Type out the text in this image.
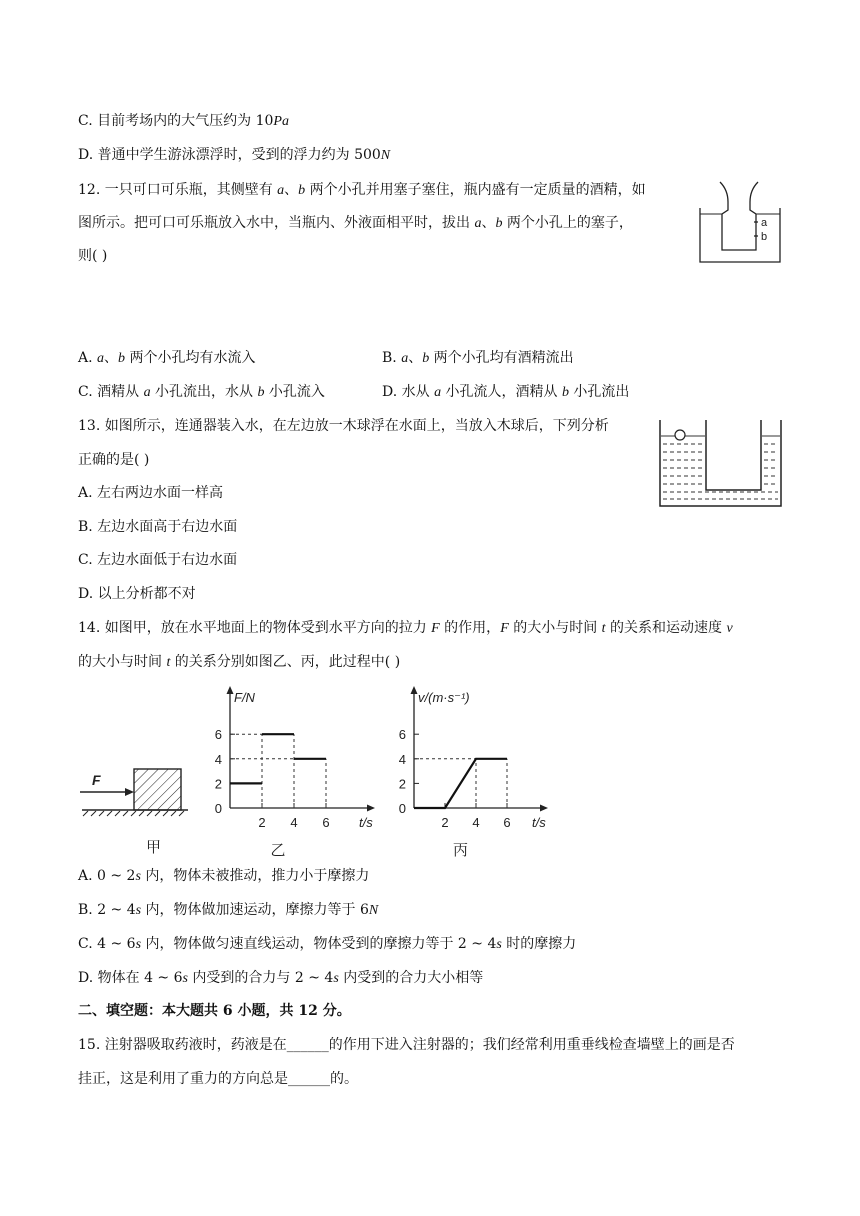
C. 目前考场内的大气压约为 10Pa
D. 普通中学生游泳漂浮时，受到的浮力约为 500N
12. 一只可口可乐瓶，其侧壁有 a、b 两个小孔并用塞子塞住，瓶内盛有一定质量的酒精，如
图所示。把可口可乐瓶放入水中，当瓶内、外液面相平时，拔出 a、b 两个小孔上的塞子，
则( )
a
b
A. a、b 两个小孔均有水流入	B. a、b 两个小孔均有酒精流出
C. 酒精从 a 小孔流出，水从 b 小孔流入	D. 水从 a 小孔流人，酒精从 b 小孔流出
13. 如图所示，连通器装入水，在左边放一木球浮在水面上，当放入木球后，下列分析
正确的是( )
A. 左右两边水面一样高
B. 左边水面高于右边水面
C. 左边水面低于右边水面
D. 以上分析都不对
14. 如图甲，放在水平地面上的物体受到水平方向的拉力 F 的作用，F 的大小与时间 t 的关系和运动速度 v
的大小与时间 t 的关系分别如图乙、丙，此过程中( )
F
甲
6
4
2
0
2 4 6
F/N
t/s
乙
6
4
2
0
2 4 6
v/(m·s⁻¹)
t/s
丙
A. 0 ~ 2s 内，物体未被推动，推力小于摩擦力
B. 2 ~ 4s 内，物体做加速运动，摩擦力等于 6N
C. 4 ~ 6s 内，物体做匀速直线运动，物体受到的摩擦力等于 2 ~ 4s 时的摩擦力
D. 物体在 4 ~ 6s 内受到的合力与 2 ~ 4s 内受到的合力大小相等
二、填空题：本大题共 6 小题，共 12 分。
15. 注射器吸取药液时，药液是在______的作用下进入注射器的；我们经常利用重垂线检查墙壁上的画是否
挂正，这是利用了重力的方向总是______的。
